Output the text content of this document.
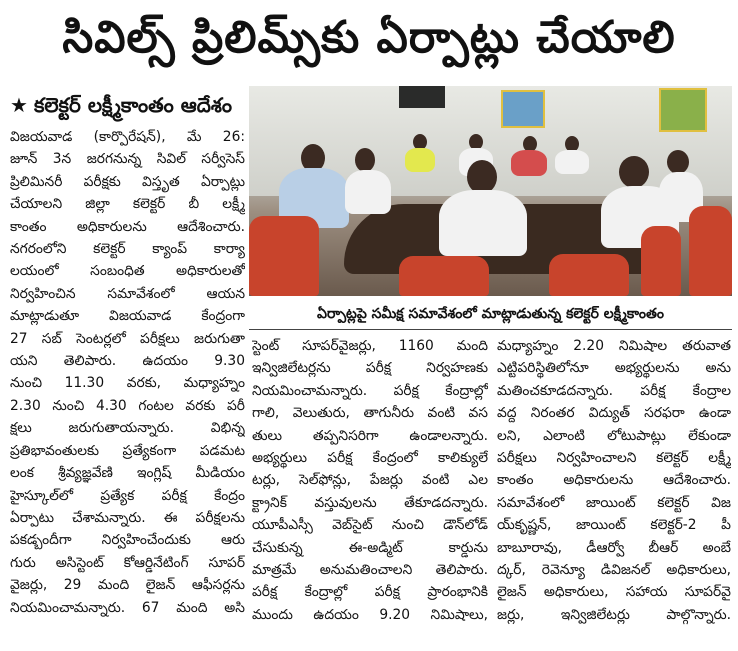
సివిల్స్ ప్రిలిమ్స్‌కు ఏర్పాట్లు చేయాలి
★ కలెక్టర్ లక్ష్మీకాంతం ఆదేశం
ఏర్పాట్లపై సమీక్ష సమావేశంలో మాట్లాడుతున్న కలెక్టర్ లక్ష్మీకాంతం
విజయవాడ (కార్పొరేషన్), మే 26:
జూన్ 3న జరగనున్న సివిల్ సర్వీసెస్
ప్రిలిమినరీ పరీక్షకు విస్తృత ఏర్పాట్లు
చేయాలని జిల్లా కలెక్టర్ బీ లక్ష్మీ
కాంతం అధికారులను ఆదేశించారు.
నగరంలోని కలెక్టర్ క్యాంప్ కార్యా
లయంలో సంబంధిత అధికారులతో
నిర్వహించిన సమావేశంలో ఆయన
మాట్లాడుతూ విజయవాడ కేంద్రంగా
27 సబ్ సెంటర్లలో పరీక్షలు జరుగుతా
యని తెలిపారు. ఉదయం 9.30
నుంచి 11.30 వరకు, మధ్యాహ్నం
2.30 నుంచి 4.30 గంటల వరకు పరీ
క్షలు జరుగుతాయన్నారు. విభిన్న
ప్రతిభావంతులకు ప్రత్యేకంగా పడమట
లంక శ్రీవ్యజ్ఞవేణి ఇంగ్లిష్ మీడియం
హైస్కూల్‌లో ప్రత్యేక పరీక్ష కేంద్రం
ఏర్పాటు చేశామన్నారు. ఈ పరీక్షలను
పకడ్బందీగా నిర్వహించేందుకు ఆరు
గురు అసిస్టెంట్ కోఆర్డినేటింగ్ సూపర్
వైజర్లు, 29 మంది లైజన్ ఆఫీసర్లను
నియమించామన్నారు. 67 మంది అసి
స్టెంట్ సూపర్‌వైజర్లు, 1160 మంది
ఇన్విజిలేటర్లను పరీక్ష నిర్వహణకు
నియమించామన్నారు. పరీక్ష కేంద్రాల్లో
గాలి, వెలుతురు, తాగునీరు వంటి వస
తులు తప్పనిసరిగా ఉండాలన్నారు.
అభ్యర్థులు పరీక్ష కేంద్రంలో కాలిక్యులే
టర్లు, సెల్‌ఫోన్లు, పేజర్లు వంటి ఎల
క్ట్రానిక్ వస్తువులను తేకూడదన్నారు.
యూపీఎస్సీ వెబ్‌సైట్ నుంచి డౌన్‌లోడ్
చేసుకున్న ఈ-అడ్మిట్ కార్డును
మాత్రమే అనుమతించాలని తెలిపారు.
పరీక్ష కేంద్రాల్లో పరీక్ష ప్రారంభానికి
ముందు ఉదయం 9.20 నిమిషాలు,
మధ్యాహ్నం 2.20 నిమిషాల తరువాత
ఎట్టిపరిస్థితిలోనూ అభ్యర్థులను అను
మతించకూడదన్నారు. పరీక్ష కేంద్రాల
వద్ద నిరంతర విద్యుత్ సరఫరా ఉండా
లని, ఎలాంటి లోటుపాట్లు లేకుండా
పరీక్షలు నిర్వహించాలని కలెక్టర్ లక్ష్మీ
కాంతం అధికారులను ఆదేశించారు.
సమావేశంలో జాయింట్ కలెక్టర్ విజ
య్‌కృష్ణన్, జాయింట్ కలెక్టర్-2 పీ
బాబూరావు, డీఆర్వో బీఆర్ అంబే
ద్కర్, రెవెన్యూ డివిజనల్ అధికారులు,
లైజన్ అధికారులు, సహాయ సూపర్‌వై
జర్లు, ఇన్విజిలేటర్లు పాల్గొన్నారు.
